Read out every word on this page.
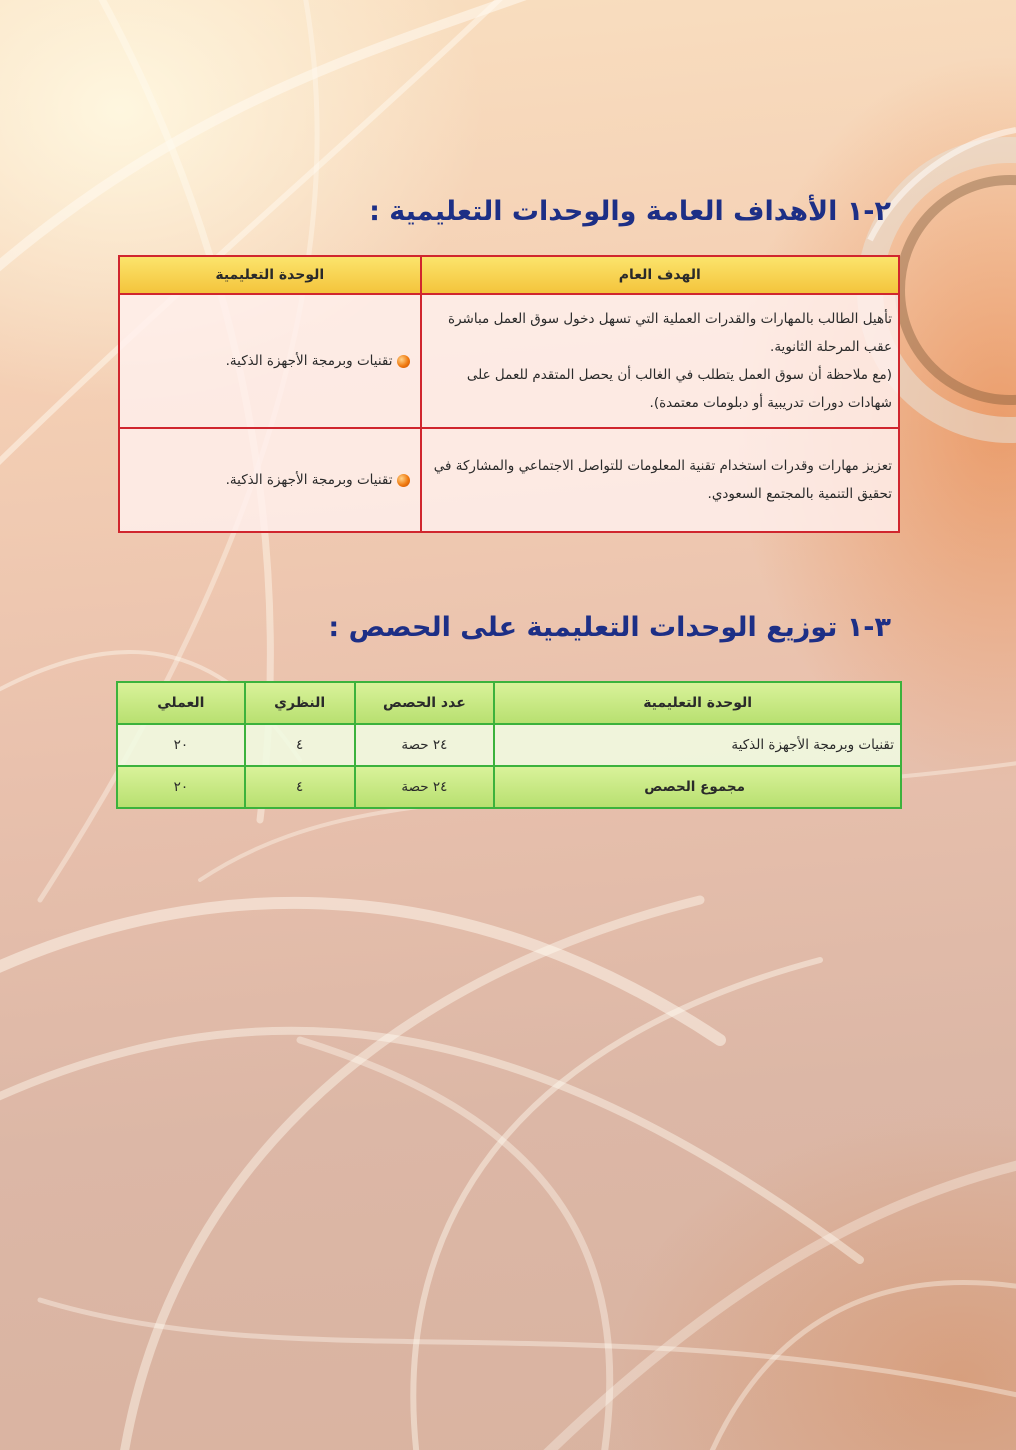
٢-١ الأهداف العامة والوحدات التعليمية :
الهدف العام	الوحدة التعليمية

تأهيل الطالب بالمهارات والقدرات العملية التي تسهل دخول سوق العمل مباشرة عقب المرحلة الثانوية.

(مع ملاحظة أن سوق العمل يتطلب في الغالب أن يحصل المتقدم للعمل على شهادات دورات تدريبية أو دبلومات معتمدة).	تقنيات وبرمجة الأجهزة الذكية.

تعزيز مهارات وقدرات استخدام تقنية المعلومات للتواصل الاجتماعي والمشاركة في تحقيق التنمية بالمجتمع السعودي.	تقنيات وبرمجة الأجهزة الذكية.
٣-١ توزيع الوحدات التعليمية على الحصص :
الوحدة التعليمية	عدد الحصص	النظري	العملي
تقنيات وبرمجة الأجهزة الذكية	٢٤ حصة	٤	٢٠
مجموع الحصص	٢٤ حصة	٤	٢٠
